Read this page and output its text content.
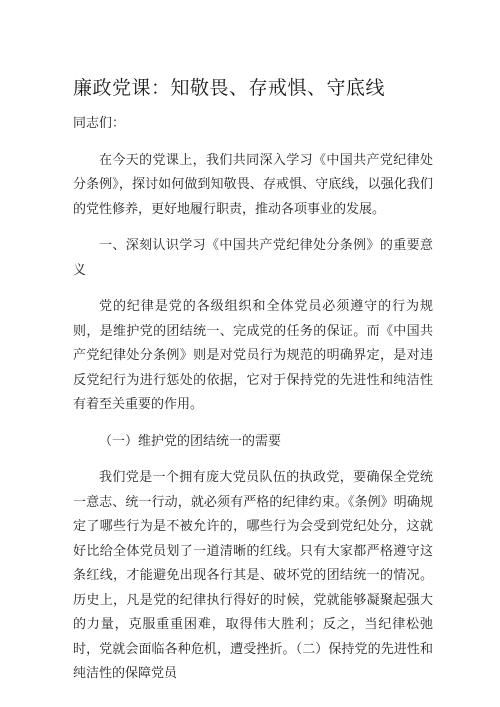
廉政党课：知敬畏、存戒惧、守底线

同志们：

在今天的党课上，我们共同深入学习《中国共产党纪律处分条例》，探讨如何做到知敬畏、存戒惧、守底线，以强化我们的党性修养，更好地履行职责，推动各项事业的发展。

一、深刻认识学习《中国共产党纪律处分条例》的重要意义

党的纪律是党的各级组织和全体党员必须遵守的行为规则，是维护党的团结统一、完成党的任务的保证。而《中国共产党纪律处分条例》则是对党员行为规范的明确界定，是对违反党纪行为进行惩处的依据，它对于保持党的先进性和纯洁性有着至关重要的作用。

（一）维护党的团结统一的需要

我们党是一个拥有庞大党员队伍的执政党，要确保全党统一意志、统一行动，就必须有严格的纪律约束。《条例》明确规定了哪些行为是不被允许的，哪些行为会受到党纪处分，这就好比给全体党员划了一道清晰的红线。只有大家都严格遵守这条红线，才能避免出现各行其是、破坏党的团结统一的情况。历史上，凡是党的纪律执行得好的时候，党就能够凝聚起强大的力量，克服重重困难，取得伟大胜利；反之，当纪律松弛时，党就会面临各种危机，遭受挫折。（二）保持党的先进性和纯洁性的保障党员
